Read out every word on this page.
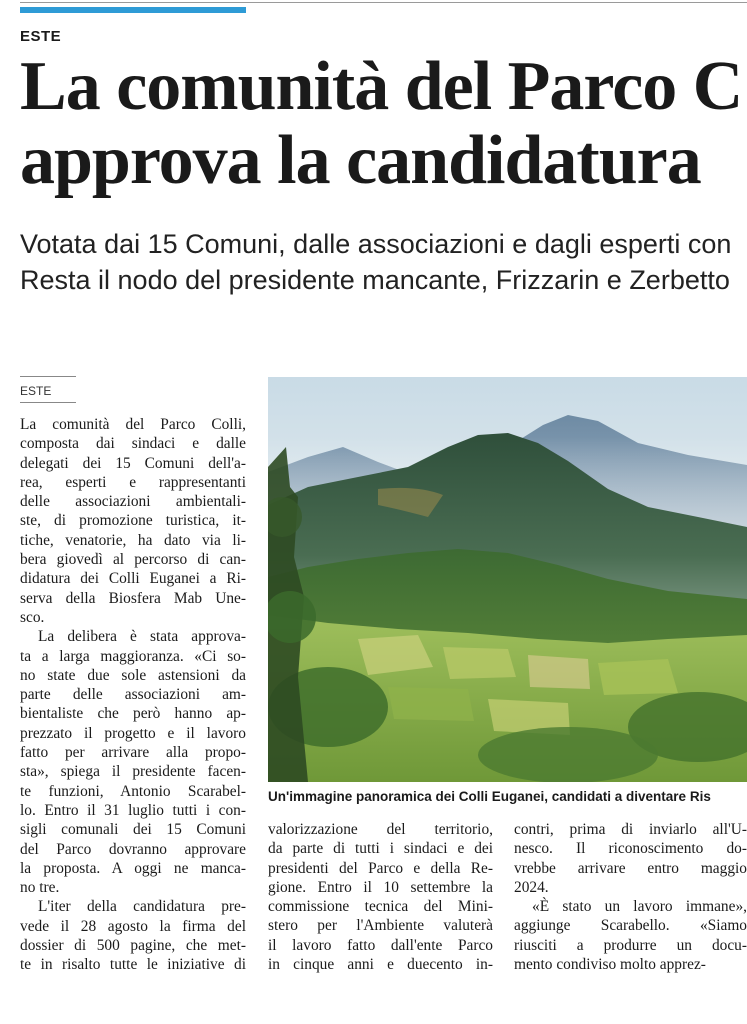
ESTE
La comunità del Parco C
approva la candidatura
Votata dai 15 Comuni, dalle associazioni e dagli esperti con
Resta il nodo del presidente mancante, Frizzarin e Zerbetto
ESTE
La comunità del Parco Colli,
composta dai sindaci e dalle
delegati dei 15 Comuni dell'a-
rea, esperti e rappresentanti
delle associazioni ambientali-
ste, di promozione turistica, it-
tiche, venatorie, ha dato via li-
bera giovedì al percorso di can-
didatura dei Colli Euganei a Ri-
serva della Biosfera Mab Une-
sco.
La delibera è stata approva-
ta a larga maggioranza. «Ci so-
no state due sole astensioni da
parte delle associazioni am-
bientaliste che però hanno ap-
prezzato il progetto e il lavoro
fatto per arrivare alla propo-
sta», spiega il presidente facen-
te funzioni, Antonio Scarabel-
lo. Entro il 31 luglio tutti i con-
sigli comunali dei 15 Comuni
del Parco dovranno approvare
la proposta. A oggi ne manca-
no tre.
L'iter della candidatura pre-
vede il 28 agosto la firma del
dossier di 500 pagine, che met-
te in risalto tutte le iniziative di
Un'immagine panoramica dei Colli Euganei, candidati a diventare Ris
valorizzazione del territorio,
da parte di tutti i sindaci e dei
presidenti del Parco e della Re-
gione. Entro il 10 settembre la
commissione tecnica del Mini-
stero per l'Ambiente valuterà
il lavoro fatto dall'ente Parco
in cinque anni e duecento in-
contri, prima di inviarlo all'U-
nesco. Il riconoscimento do-
vrebbe arrivare entro maggio
2024.
«È stato un lavoro immane»,
aggiunge Scarabello. «Siamo
riusciti a produrre un docu-
mento condiviso molto apprez-
